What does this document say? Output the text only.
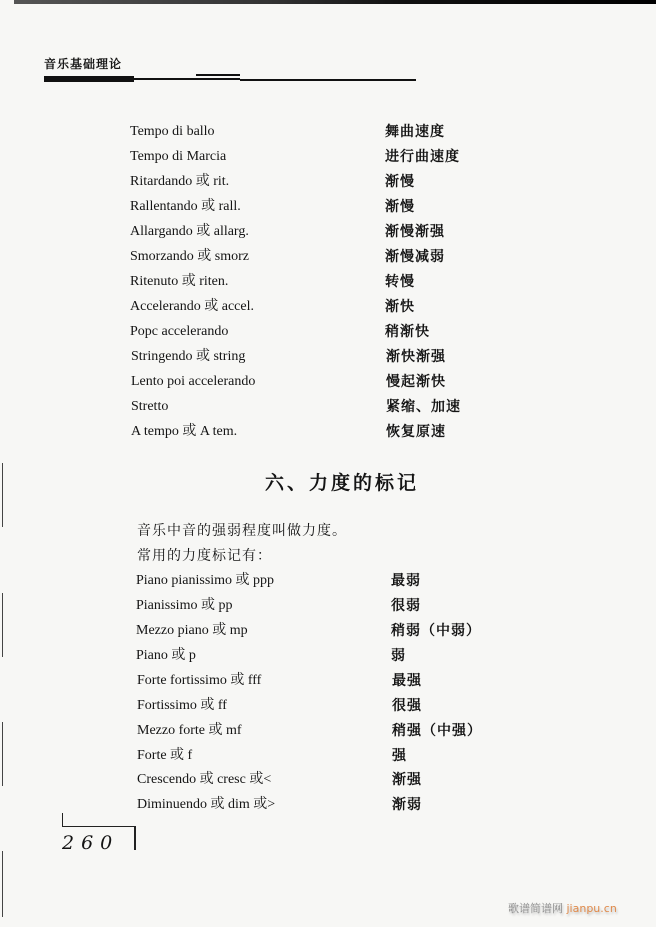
音乐基础理论
Tempo di ballo	舞曲速度
Tempo di Marcia	进行曲速度
Ritardando 或 rit.	渐慢
Rallentando 或 rall.	渐慢
Allargando 或 allarg.	渐慢渐强
Smorzando 或 smorz	渐慢减弱
Ritenuto 或 riten.	转慢
Accelerando 或 accel.	渐快
Popc accelerando	稍渐快
Stringendo 或 string	渐快渐强
Lento poi accelerando	慢起渐快
Stretto	紧缩、加速
A tempo 或 A tem.	恢复原速
六、力度的标记
音乐中音的强弱程度叫做力度。
常用的力度标记有：
Piano pianissimo 或 ppp	最弱
Pianissimo 或 pp	很弱
Mezzo piano 或 mp	稍弱（中弱）
Piano 或 p	弱
Forte fortissimo 或 fff	最强
Fortissimo 或 ff	很强
Mezzo forte 或 mf	稍强（中强）
Forte 或 f	强
Crescendo 或 cresc 或<	渐强
Diminuendo 或 dim 或>	渐弱
260
歌谱简谱网 jianpu.cn
